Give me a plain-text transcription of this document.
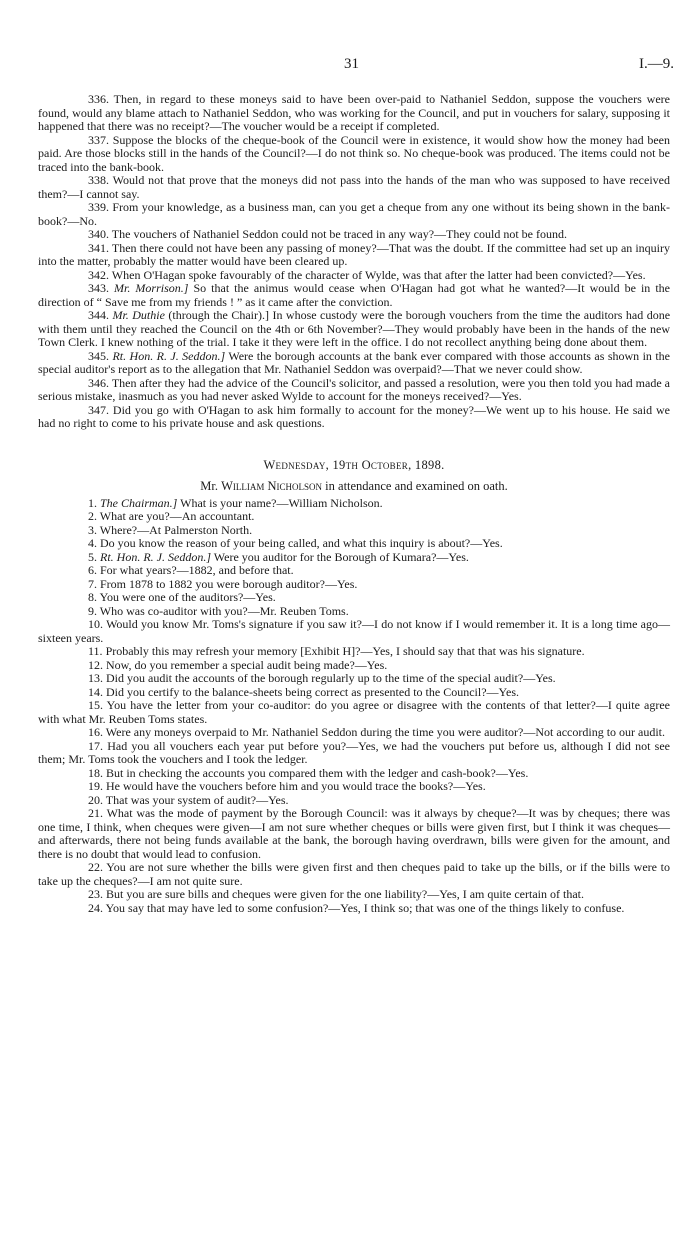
31	I.—9.

336. Then, in regard to these moneys said to have been over-paid to Nathaniel Seddon, suppose the vouchers were found, would any blame attach to Nathaniel Seddon, who was working for the Council, and put in vouchers for salary, supposing it happened that there was no receipt?—The voucher would be a receipt if completed.

337. Suppose the blocks of the cheque-book of the Council were in existence, it would show how the money had been paid. Are those blocks still in the hands of the Council?—I do not think so. No cheque-book was produced. The items could not be traced into the bank-book.

338. Would not that prove that the moneys did not pass into the hands of the man who was supposed to have received them?—I cannot say.

339. From your knowledge, as a business man, can you get a cheque from any one without its being shown in the bank-book?—No.

340. The vouchers of Nathaniel Seddon could not be traced in any way?—They could not be found.

341. Then there could not have been any passing of money?—That was the doubt. If the committee had set up an inquiry into the matter, probably the matter would have been cleared up.

342. When O'Hagan spoke favourably of the character of Wylde, was that after the latter had been convicted?—Yes.

343. Mr. Morrison.] So that the animus would cease when O'Hagan had got what he wanted?—It would be in the direction of “ Save me from my friends ! ” as it came after the conviction.

344. Mr. Duthie (through the Chair).] In whose custody were the borough vouchers from the time the auditors had done with them until they reached the Council on the 4th or 6th November?—They would probably have been in the hands of the new Town Clerk. I knew nothing of the trial. I take it they were left in the office. I do not recollect anything being done about them.

345. Rt. Hon. R. J. Seddon.] Were the borough accounts at the bank ever compared with those accounts as shown in the special auditor's report as to the allegation that Mr. Nathaniel Seddon was overpaid?—That we never could show.

346. Then after they had the advice of the Council's solicitor, and passed a resolution, were you then told you had made a serious mistake, inasmuch as you had never asked Wylde to account for the moneys received?—Yes.

347. Did you go with O'Hagan to ask him formally to account for the money?—We went up to his house. He said we had no right to come to his private house and ask questions.

Wednesday, 19th October, 1898.

Mr. William Nicholson in attendance and examined on oath.

1. The Chairman.] What is your name?—William Nicholson.

2. What are you?—An accountant.

3. Where?—At Palmerston North.

4. Do you know the reason of your being called, and what this inquiry is about?—Yes.

5. Rt. Hon. R. J. Seddon.] Were you auditor for the Borough of Kumara?—Yes.

6. For what years?—1882, and before that.

7. From 1878 to 1882 you were borough auditor?—Yes.

8. You were one of the auditors?—Yes.

9. Who was co-auditor with you?—Mr. Reuben Toms.

10. Would you know Mr. Toms's signature if you saw it?—I do not know if I would remember it. It is a long time ago—sixteen years.

11. Probably this may refresh your memory [Exhibit H]?—Yes, I should say that that was his signature.

12. Now, do you remember a special audit being made?—Yes.

13. Did you audit the accounts of the borough regularly up to the time of the special audit?—Yes.

14. Did you certify to the balance-sheets being correct as presented to the Council?—Yes.

15. You have the letter from your co-auditor: do you agree or disagree with the contents of that letter?—I quite agree with what Mr. Reuben Toms states.

16. Were any moneys overpaid to Mr. Nathaniel Seddon during the time you were auditor?—Not according to our audit.

17. Had you all vouchers each year put before you?—Yes, we had the vouchers put before us, although I did not see them; Mr. Toms took the vouchers and I took the ledger.

18. But in checking the accounts you compared them with the ledger and cash-book?—Yes.

19. He would have the vouchers before him and you would trace the books?—Yes.

20. That was your system of audit?—Yes.

21. What was the mode of payment by the Borough Council: was it always by cheque?—It was by cheques; there was one time, I think, when cheques were given—I am not sure whether cheques or bills were given first, but I think it was cheques—and afterwards, there not being funds available at the bank, the borough having overdrawn, bills were given for the amount, and there is no doubt that would lead to confusion.

22. You are not sure whether the bills were given first and then cheques paid to take up the bills, or if the bills were to take up the cheques?—I am not quite sure.

23. But you are sure bills and cheques were given for the one liability?—Yes, I am quite certain of that.

24. You say that may have led to some confusion?—Yes, I think so; that was one of the things likely to confuse.
